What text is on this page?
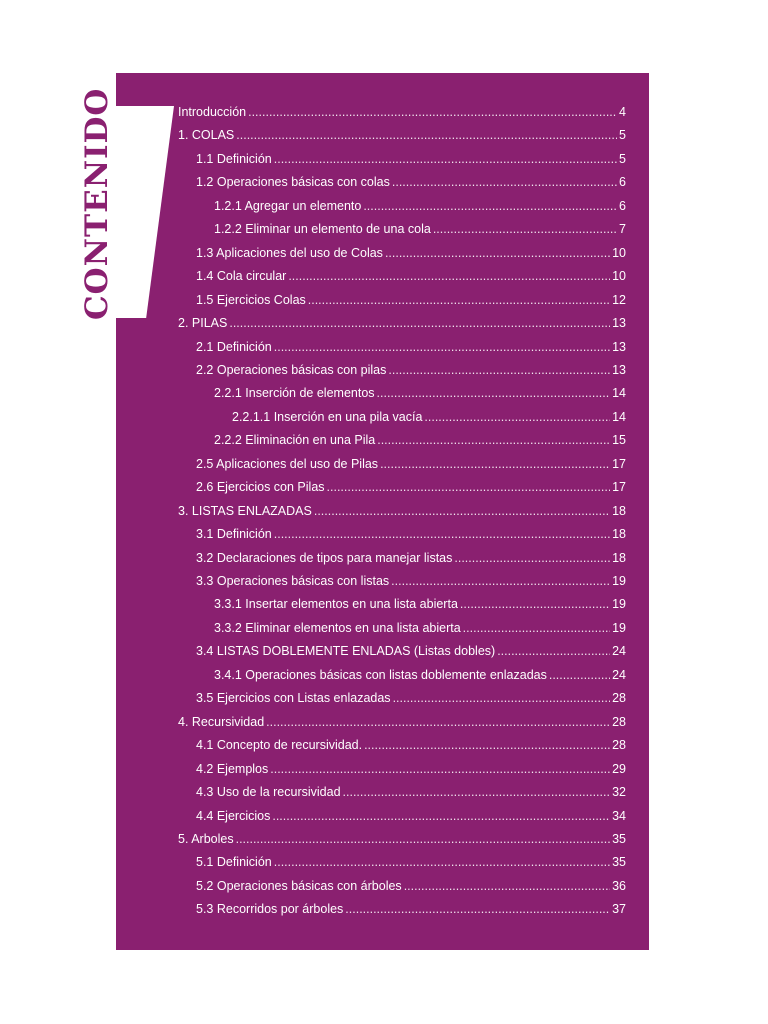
CONTENIDO	Introducción .....	4
1. COLAS .....	5
1.1 Definición .....	5
1.2 Operaciones básicas con colas .....	6
1.2.1 Agregar un elemento .....	6
1.2.2 Eliminar un elemento de una cola .....	7
1.3 Aplicaciones del uso de Colas .....	10
1.4 Cola circular .....	10
1.5 Ejercicios Colas .....	12
2. PILAS .....	13
2.1 Definición .....	13
2.2 Operaciones básicas con pilas .....	13
2.2.1 Inserción de elementos .....	14
2.2.1.1 Inserción en una pila vacía .....	14
2.2.2 Eliminación en una Pila .....	15
2.5 Aplicaciones del uso de Pilas .....	17
2.6 Ejercicios con Pilas .....	17
3. LISTAS ENLAZADAS .....	18
3.1 Definición .....	18
3.2 Declaraciones de tipos para manejar listas .....	18
3.3 Operaciones básicas con listas .....	19
3.3.1 Insertar elementos en una lista abierta .....	19
3.3.2 Eliminar elementos en una lista abierta .....	19
3.4 LISTAS DOBLEMENTE ENLADAS (Listas dobles) .....	24
3.4.1 Operaciones básicas con listas doblemente enlazadas .....	24
3.5 Ejercicios con Listas enlazadas .....	28
4. Recursividad .....	28
4.1 Concepto de recursividad. .....	28
4.2 Ejemplos .....	29
4.3 Uso de la recursividad .....	32
4.4 Ejercicios .....	34
5. Arboles .....	35
5.1 Definición .....	35
5.2 Operaciones básicas con árboles .....	36
5.3 Recorridos por árboles .....	37
